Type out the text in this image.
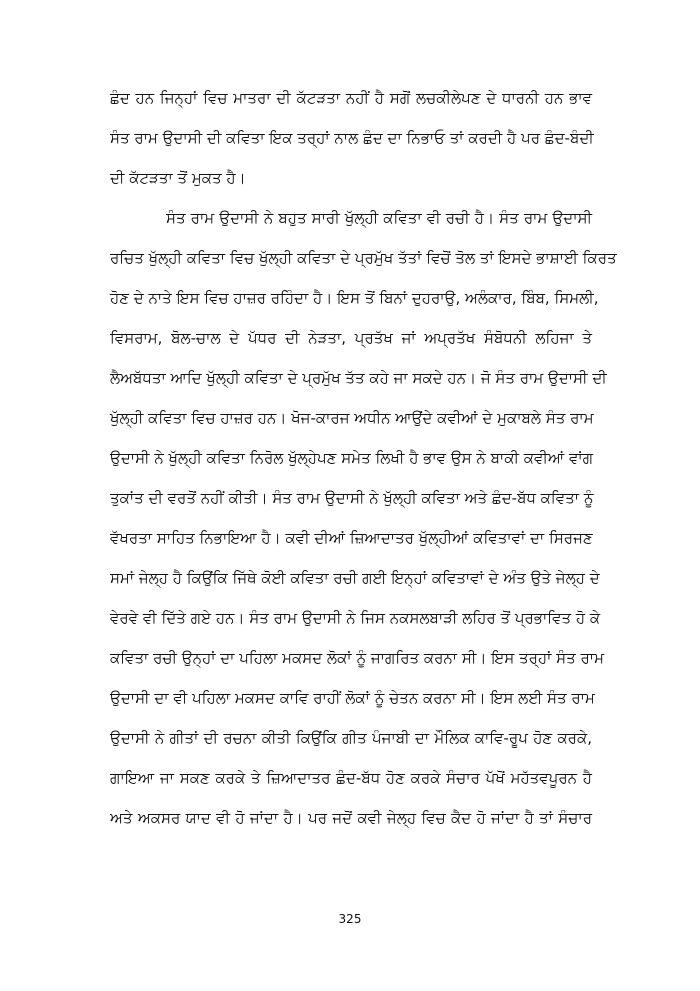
ਛੰਦ ਹਨ ਜਿਨ੍ਹਾਂ ਵਿਚ ਮਾਤਰਾ ਦੀ ਕੱਟੜਤਾ ਨਹੀਂ ਹੈ ਸਗੋਂ ਲਚਕੀਲੇਪਣ ਦੇ ਧਾਰਨੀ ਹਨ ਭਾਵ
ਸੰਤ ਰਾਮ ਉਦਾਸੀ ਦੀ ਕਵਿਤਾ ਇਕ ਤਰ੍ਹਾਂ ਨਾਲ ਛੰਦ ਦਾ ਨਿਭਾਓ ਤਾਂ ਕਰਦੀ ਹੈ ਪਰ ਛੰਦ-ਬੰਦੀ
ਦੀ ਕੱਟੜਤਾ ਤੋਂ ਮੁਕਤ ਹੈ।
ਸੰਤ ਰਾਮ ਉਦਾਸੀ ਨੇ ਬਹੁਤ ਸਾਰੀ ਖੁੱਲ੍ਹੀ ਕਵਿਤਾ ਵੀ ਰਚੀ ਹੈ। ਸੰਤ ਰਾਮ ਉਦਾਸੀ
ਰਚਿਤ ਖੁੱਲ੍ਹੀ ਕਵਿਤਾ ਵਿਚ ਖੁੱਲ੍ਹੀ ਕਵਿਤਾ ਦੇ ਪ੍ਰਮੁੱਖ ਤੱਤਾਂ ਵਿਚੋਂ ਤੋਲ ਤਾਂ ਇਸਦੇ ਭਾਸ਼ਾਈ ਕਿਰਤ
ਹੋਣ ਦੇ ਨਾਤੇ ਇਸ ਵਿਚ ਹਾਜ਼ਰ ਰਹਿੰਦਾ ਹੈ। ਇਸ ਤੋਂ ਬਿਨਾਂ ਦੁਹਰਾਉ, ਅਲੰਕਾਰ, ਬਿੰਬ, ਸਿਮਲੀ,
ਵਿਸਰਾਮ, ਬੋਲ-ਚਾਲ ਦੇ ਪੱਧਰ ਦੀ ਨੇੜਤਾ, ਪ੍ਰਤੱਖ ਜਾਂ ਅਪ੍ਰਤੱਖ ਸੰਬੋਧਨੀ ਲਹਿਜਾ ਤੇ
ਲੈਅਬੱਧਤਾ ਆਦਿ ਖੁੱਲ੍ਹੀ ਕਵਿਤਾ ਦੇ ਪ੍ਰਮੁੱਖ ਤੱਤ ਕਹੇ ਜਾ ਸਕਦੇ ਹਨ। ਜੋ ਸੰਤ ਰਾਮ ਉਦਾਸੀ ਦੀ
ਖੁੱਲ੍ਹੀ ਕਵਿਤਾ ਵਿਚ ਹਾਜ਼ਰ ਹਨ। ਖੋਜ-ਕਾਰਜ ਅਧੀਨ ਆਉਂਦੇ ਕਵੀਆਂ ਦੇ ਮੁਕਾਬਲੇ ਸੰਤ ਰਾਮ
ਉਦਾਸੀ ਨੇ ਖੁੱਲ੍ਹੀ ਕਵਿਤਾ ਨਿਰੋਲ ਖੁੱਲ੍ਹੇਪਣ ਸਮੇਤ ਲਿਖੀ ਹੈ ਭਾਵ ਉਸ ਨੇ ਬਾਕੀ ਕਵੀਆਂ ਵਾਂਗ
ਤੁਕਾਂਤ ਦੀ ਵਰਤੋਂ ਨਹੀਂ ਕੀਤੀ। ਸੰਤ ਰਾਮ ਉਦਾਸੀ ਨੇ ਖੁੱਲ੍ਹੀ ਕਵਿਤਾ ਅਤੇ ਛੰਦ-ਬੱਧ ਕਵਿਤਾ ਨੂੰ
ਵੱਖਰਤਾ ਸਾਹਿਤ ਨਿਭਾਇਆ ਹੈ। ਕਵੀ ਦੀਆਂ ਜ਼ਿਆਦਾਤਰ ਖੁੱਲ੍ਹੀਆਂ ਕਵਿਤਾਵਾਂ ਦਾ ਸਿਰਜਣ
ਸਮਾਂ ਜੇਲ੍ਹ ਹੈ ਕਿਉਂਕਿ ਜਿੱਥੇ ਕੋਈ ਕਵਿਤਾ ਰਚੀ ਗਈ ਇਨ੍ਹਾਂ ਕਵਿਤਾਵਾਂ ਦੇ ਅੰਤ ਉਤੇ ਜੇਲ੍ਹ ਦੇ
ਵੇਰਵੇ ਵੀ ਦਿੱਤੇ ਗਏ ਹਨ। ਸੰਤ ਰਾਮ ਉਦਾਸੀ ਨੇ ਜਿਸ ਨਕਸਲਬਾੜੀ ਲਹਿਰ ਤੋਂ ਪ੍ਰਭਾਵਿਤ ਹੋ ਕੇ
ਕਵਿਤਾ ਰਚੀ ਉਨ੍ਹਾਂ ਦਾ ਪਹਿਲਾ ਮਕਸਦ ਲੋਕਾਂ ਨੂੰ ਜਾਗਰਿਤ ਕਰਨਾ ਸੀ। ਇਸ ਤਰ੍ਹਾਂ ਸੰਤ ਰਾਮ
ਉਦਾਸੀ ਦਾ ਵੀ ਪਹਿਲਾ ਮਕਸਦ ਕਾਵਿ ਰਾਹੀਂ ਲੋਕਾਂ ਨੂੰ ਚੇਤਨ ਕਰਨਾ ਸੀ। ਇਸ ਲਈ ਸੰਤ ਰਾਮ
ਉਦਾਸੀ ਨੇ ਗੀਤਾਂ ਦੀ ਰਚਨਾ ਕੀਤੀ ਕਿਉਂਕਿ ਗੀਤ ਪੰਜਾਬੀ ਦਾ ਮੌਲਿਕ ਕਾਵਿ-ਰੂਪ ਹੋਣ ਕਰਕੇ,
ਗਾਇਆ ਜਾ ਸਕਣ ਕਰਕੇ ਤੇ ਜ਼ਿਆਦਾਤਰ ਛੰਦ-ਬੱਧ ਹੋਣ ਕਰਕੇ ਸੰਚਾਰ ਪੱਖੋਂ ਮਹੱਤਵਪੂਰਨ ਹੈ
ਅਤੇ ਅਕਸਰ ਯਾਦ ਵੀ ਹੋ ਜਾਂਦਾ ਹੈ। ਪਰ ਜਦੋਂ ਕਵੀ ਜੇਲ੍ਹ ਵਿਚ ਕੈਦ ਹੋ ਜਾਂਦਾ ਹੈ ਤਾਂ ਸੰਚਾਰ
325
